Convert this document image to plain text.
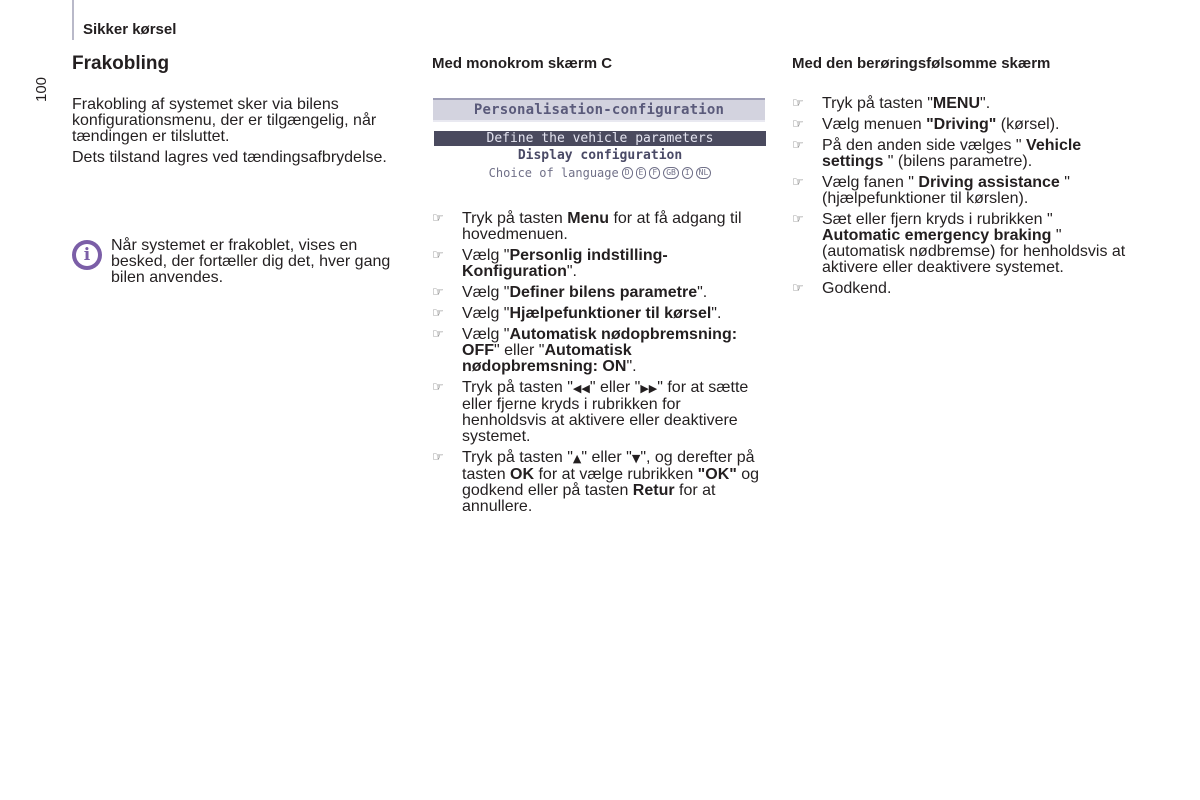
Sikker kørsel
100
Frakobling

Frakobling af systemet sker via bilens konfigurationsmenu, der er tilgængelig, når tændingen er tilsluttet.

Dets tilstand lagres ved tændingsafbrydelse.

i	Når systemet er frakoblet, vises en besked, der fortæller dig det, hver gang bilen anvendes.
Med monokrom skærm C
Personalisation-configuration
Define the vehicle parameters
Display configuration
Choice of language D	E	F	GB	I	NL
☞ Tryk på tasten Menu for at få adgang til hovedmenuen.
☞ Vælg "Personlig indstilling-Konfiguration".
☞ Vælg "Definer bilens parametre".
☞ Vælg "Hjælpefunktioner til kørsel".
☞ Vælg "Automatisk nødopbremsning: OFF" eller "Automatisk nødopbremsning: ON".
☞ Tryk på tasten "◀◀" eller "▶▶" for at sætte eller fjerne kryds i rubrikken for henholdsvis at aktivere eller deaktivere systemet.
☞ Tryk på tasten "▲" eller "▼", og derefter på tasten OK for at vælge rubrikken "OK" og godkend eller på tasten Retur for at annullere.
Med den berøringsfølsomme skærm
☞ Tryk på tasten "MENU".
☞ Vælg menuen "Driving" (kørsel).
☞ På den anden side vælges " Vehicle settings " (bilens parametre).
☞ Vælg fanen " Driving assistance " (hjælpefunktioner til kørslen).
☞ Sæt eller fjern kryds i rubrikken " Automatic emergency braking " (automatisk nødbremse) for henholdsvis at aktivere eller deaktivere systemet.
☞ Godkend.
